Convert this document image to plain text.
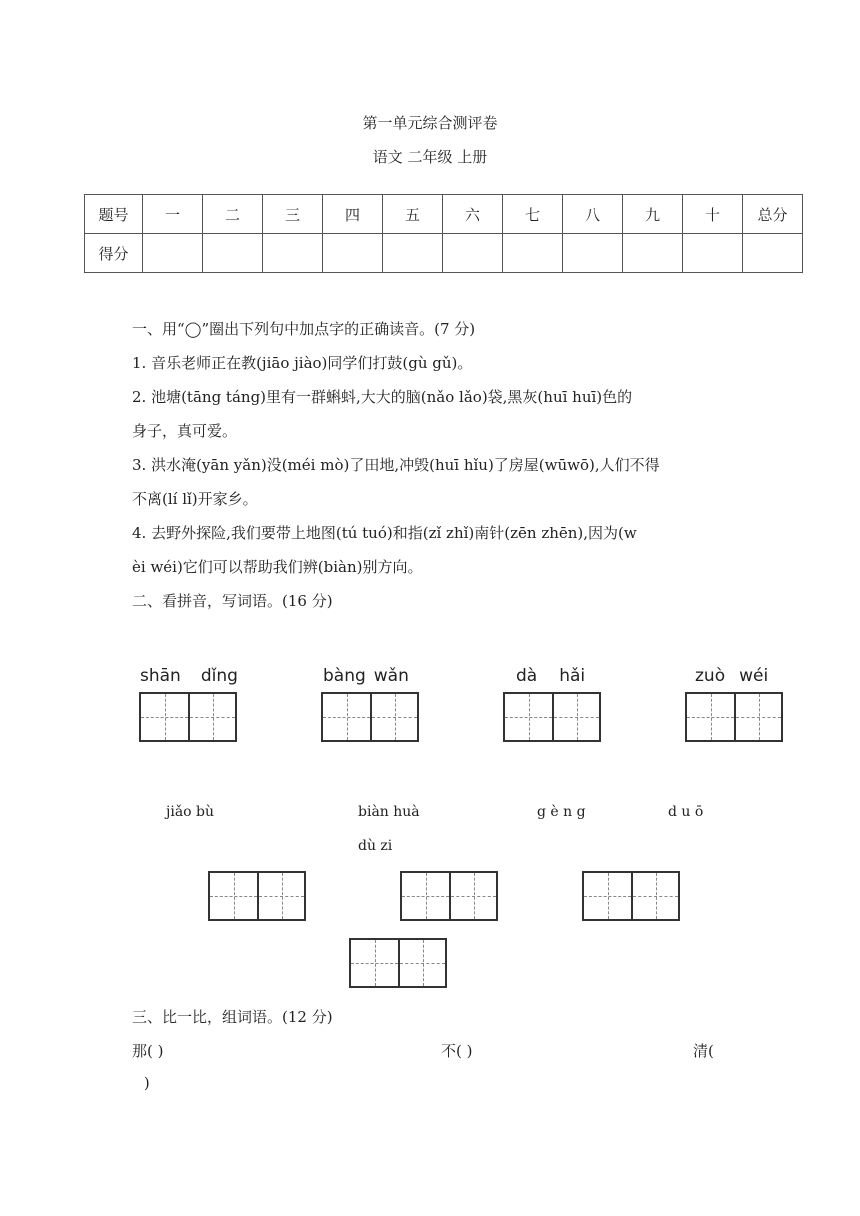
第一单元综合测评卷
语文 二年级 上册
题号	一	二	三	四	五	六	七	八	九	十	总分
得分											
一、用“◯”圈出下列句中加点字的正确读音。(7 分)
1. 音乐老师正在教(jiāo jiào)同学们打鼓(gù gǔ)。
2. 池塘(tāng táng)里有一群蝌蚪,大大的脑(nǎo lǎo)袋,黑灰(huī huī)色的
身子，真可爱。
3. 洪水淹(yān yǎn)没(méi mò)了田地,冲毁(huī hǐu)了房屋(wūwō),人们不得
不离(lí lǐ)开家乡。
4. 去野外探险,我们要带上地图(tú tuó)和指(zǐ zhǐ)南针(zēn zhēn),因为(w
èi wéi)它们可以帮助我们辨(biàn)别方向。
二、看拼音，写词语。(16 分)
shān dǐng	bàng wǎn	dà hǎi	zuò wéi
jiǎo bù	biàn huà	g è n g	d u ō
dù zi
三、比一比，组词语。(12 分)
那( )	不( )	清(
)
